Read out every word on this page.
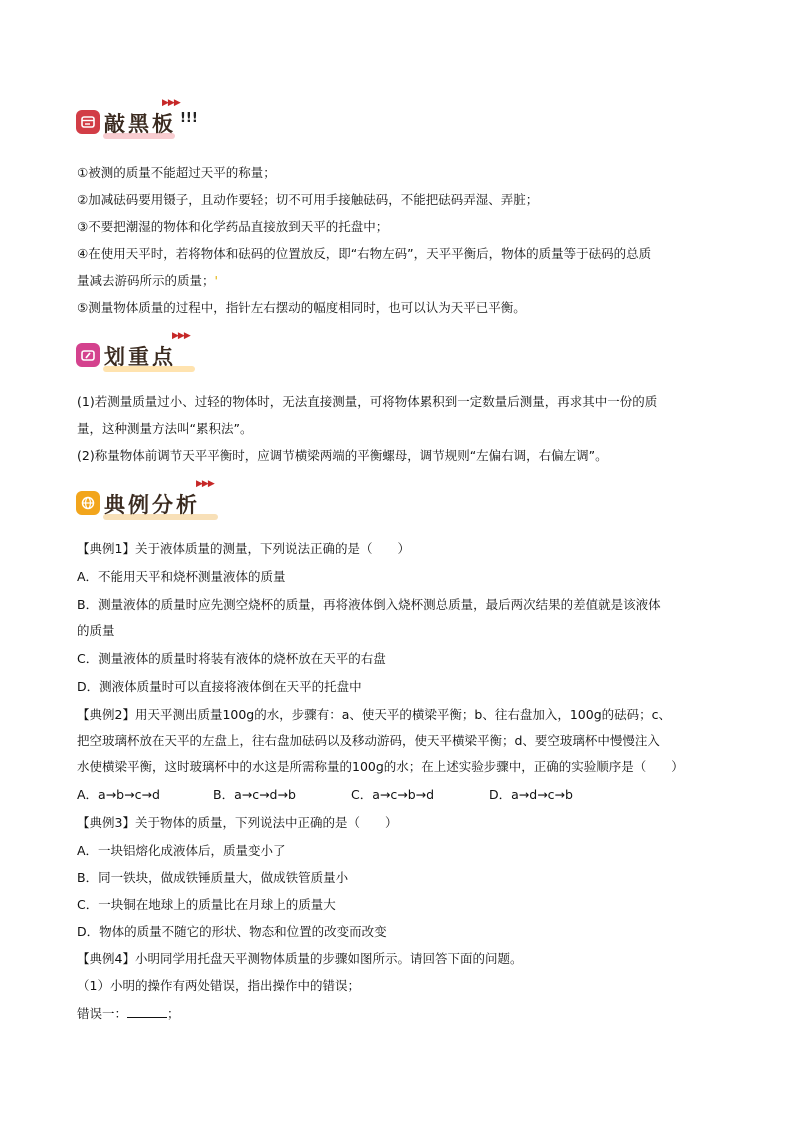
敲黑板 !!!
▶▶▶
①被测的质量不能超过天平的称量；
②加减砝码要用镊子，且动作要轻；切不可用手接触砝码，不能把砝码弄湿、弄脏；
③不要把潮湿的物体和化学药品直接放到天平的托盘中；
④在使用天平时，若将物体和砝码的位置放反，即“右物左码”，天平平衡后，物体的质量等于砝码的总质
量减去游码所示的质量；'
⑤测量物体质量的过程中，指针左右摆动的幅度相同时，也可以认为天平已平衡。
划重点
▶▶▶
(1)若测量质量过小、过轻的物体时，无法直接测量，可将物体累积到一定数量后测量，再求其中一份的质
量，这种测量方法叫“累积法”。
(2)称量物体前调节天平平衡时，应调节横梁两端的平衡螺母，调节规则“左偏右调，右偏左调”。
典例分析
▶▶▶
【典例1】关于液体质量的测量，下列说法正确的是（　　）
A．不能用天平和烧杯测量液体的质量
B．测量液体的质量时应先测空烧杯的质量，再将液体倒入烧杯测总质量，最后两次结果的差值就是该液体
的质量
C．测量液体的质量时将装有液体的烧杯放在天平的右盘
D．测液体质量时可以直接将液体倒在天平的托盘中
【典例2】用天平测出质量100g的水，步骤有：a、使天平的横梁平衡；b、往右盘加入，100g的砝码；c、
把空玻璃杯放在天平的左盘上，往右盘加砝码以及移动游码，使天平横梁平衡；d、要空玻璃杯中慢慢注入
水使横梁平衡，这时玻璃杯中的水这是所需称量的100g的水；在上述实验步骤中，正确的实验顺序是（　　）
A．a→b→c→d	B．a→c→d→b	C．a→c→b→d	D．a→d→c→b
【典例3】关于物体的质量，下列说法中正确的是（　　）
A．一块铝熔化成液体后，质量变小了
B．同一铁块，做成铁锤质量大，做成铁管质量小
C．一块铜在地球上的质量比在月球上的质量大
D．物体的质量不随它的形状、物态和位置的改变而改变
【典例4】小明同学用托盘天平测物体质量的步骤如图所示。请回答下面的问题。
（1）小明的操作有两处错误，指出操作中的错误；
错误一：	；
